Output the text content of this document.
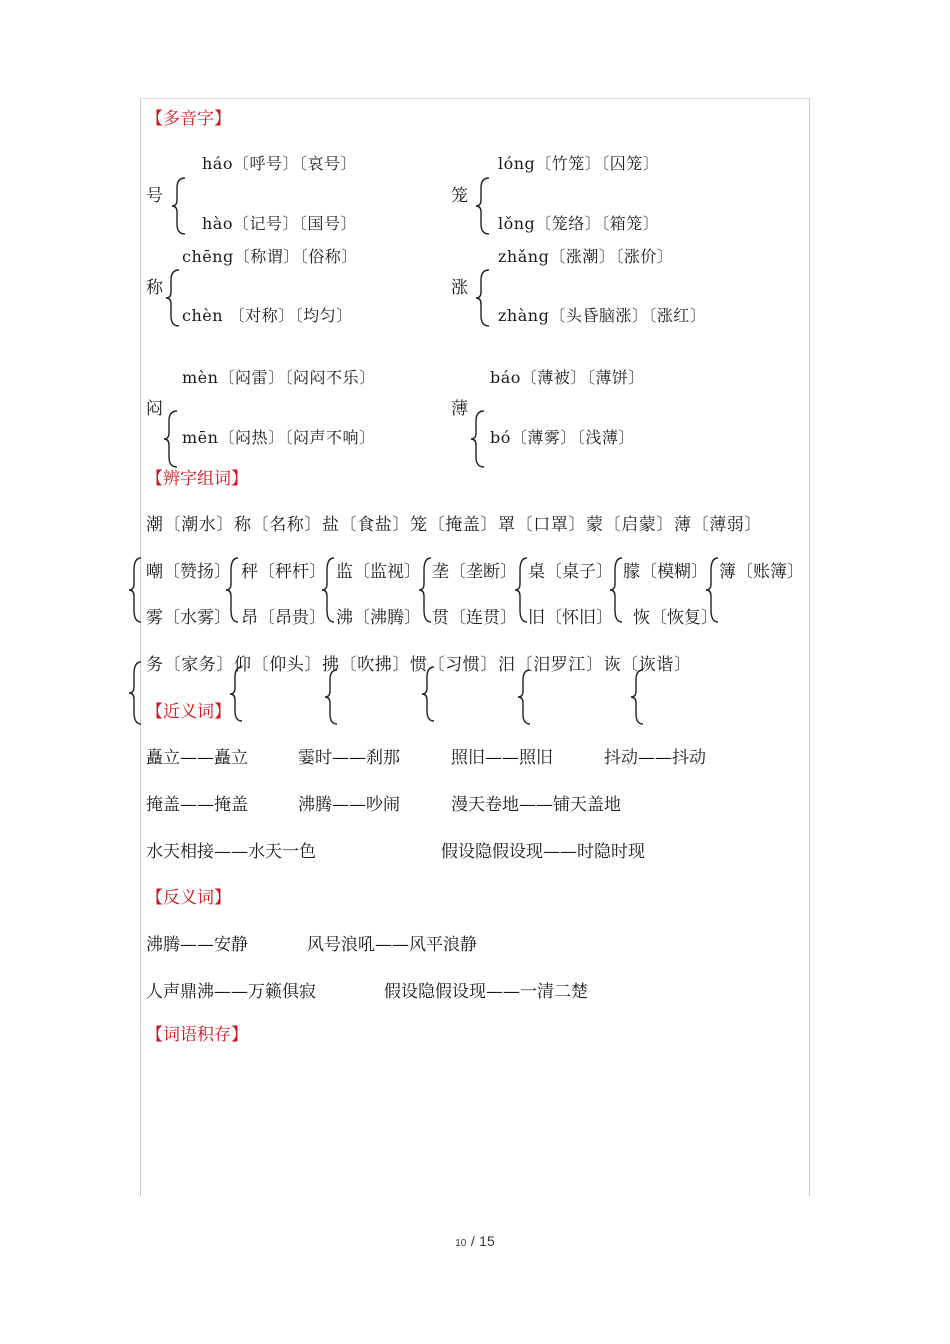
【多音字】
号
háo〔呼号〕〔哀号〕
hào〔记号〕〔国号〕
笼
lóng〔竹笼〕〔囚笼〕
lǒng〔笼络〕〔箱笼〕
称
chēng〔称谓〕〔俗称〕
chèn 〔对称〕〔均匀〕
涨
zhǎng〔涨潮〕〔涨价〕
zhàng〔头昏脑涨〕〔涨红〕
闷
mèn〔闷雷〕〔闷闷不乐〕
mēn〔闷热〕〔闷声不响〕
薄
báo〔薄被〕〔薄饼〕
bó〔薄雾〕〔浅薄〕
【辨字组词】
潮〔潮水〕称〔名称〕盐〔食盐〕笼〔掩盖〕罩〔口罩〕蒙〔启蒙〕薄〔薄弱〕
嘲〔赞扬〕 秤〔秤杆〕 监〔监视〕 垄〔垄断〕 桌〔桌子〕 朦〔模糊〕 簿〔账簿〕
雾〔水雾〕 昂〔昂贵〕 沸〔沸腾〕 贯〔连贯〕 旧〔怀旧〕 恢〔恢复〕
务〔家务〕仰〔仰头〕拂〔吹拂〕惯〔习惯〕汨〔汨罗江〕诙〔诙谐〕
【近义词】
矗立——矗立	霎时——刹那	照旧——照旧	抖动——抖动
掩盖——掩盖	沸腾——吵闹	漫天卷地——铺天盖地
水天相接——水天一色	假设隐假设现——时隐时现
【反义词】
沸腾——安静	风号浪吼——风平浪静
人声鼎沸——万籁俱寂	假设隐假设现——一清二楚
【词语积存】
10 / 15
